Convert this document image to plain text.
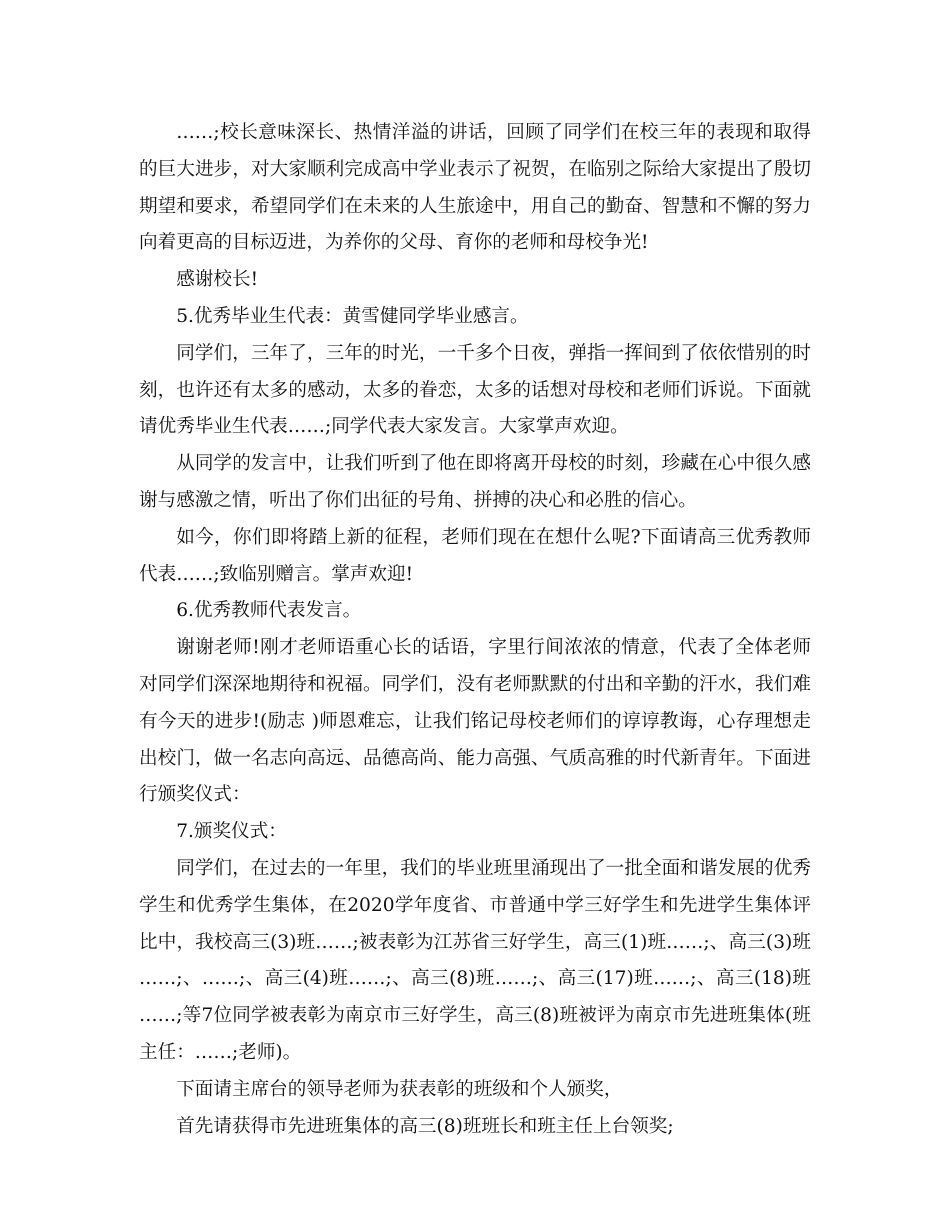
……;校长意味深长、热情洋溢的讲话，回顾了同学们在校三年的表现和取得的巨大进步，对大家顺利完成高中学业表示了祝贺，在临别之际给大家提出了殷切期望和要求，希望同学们在未来的人生旅途中，用自己的勤奋、智慧和不懈的努力向着更高的目标迈进，为养你的父母、育你的老师和母校争光!

感谢校长!

5.优秀毕业生代表：黄雪健同学毕业感言。

同学们，三年了，三年的时光，一千多个日夜，弹指一挥间到了依依惜别的时刻，也许还有太多的感动，太多的眷恋，太多的话想对母校和老师们诉说。下面就请优秀毕业生代表……;同学代表大家发言。大家掌声欢迎。

从同学的发言中，让我们听到了他在即将离开母校的时刻，珍藏在心中很久感谢与感激之情，听出了你们出征的号角、拼搏的决心和必胜的信心。

如今，你们即将踏上新的征程，老师们现在在想什么呢?下面请高三优秀教师代表……;致临别赠言。掌声欢迎!

6.优秀教师代表发言。

谢谢老师!刚才老师语重心长的话语，字里行间浓浓的情意，代表了全体老师对同学们深深地期待和祝福。同学们，没有老师默默的付出和辛勤的汗水，我们难有今天的进步!(励志 )师恩难忘，让我们铭记母校老师们的谆谆教诲，心存理想走出校门，做一名志向高远、品德高尚、能力高强、气质高雅的时代新青年。下面进行颁奖仪式：

7.颁奖仪式：

同学们，在过去的一年里，我们的毕业班里涌现出了一批全面和谐发展的优秀学生和优秀学生集体，在2020学年度省、市普通中学三好学生和先进学生集体评比中，我校高三(3)班……;被表彰为江苏省三好学生，高三(1)班……;、高三(3)班……;、……;、高三(4)班……;、高三(8)班……;、高三(17)班……;、高三(18)班……;等7位同学被表彰为南京市三好学生，高三(8)班被评为南京市先进班集体(班主任：……;老师)。

下面请主席台的领导老师为获表彰的班级和个人颁奖，

首先请获得市先进班集体的高三(8)班班长和班主任上台领奖;
